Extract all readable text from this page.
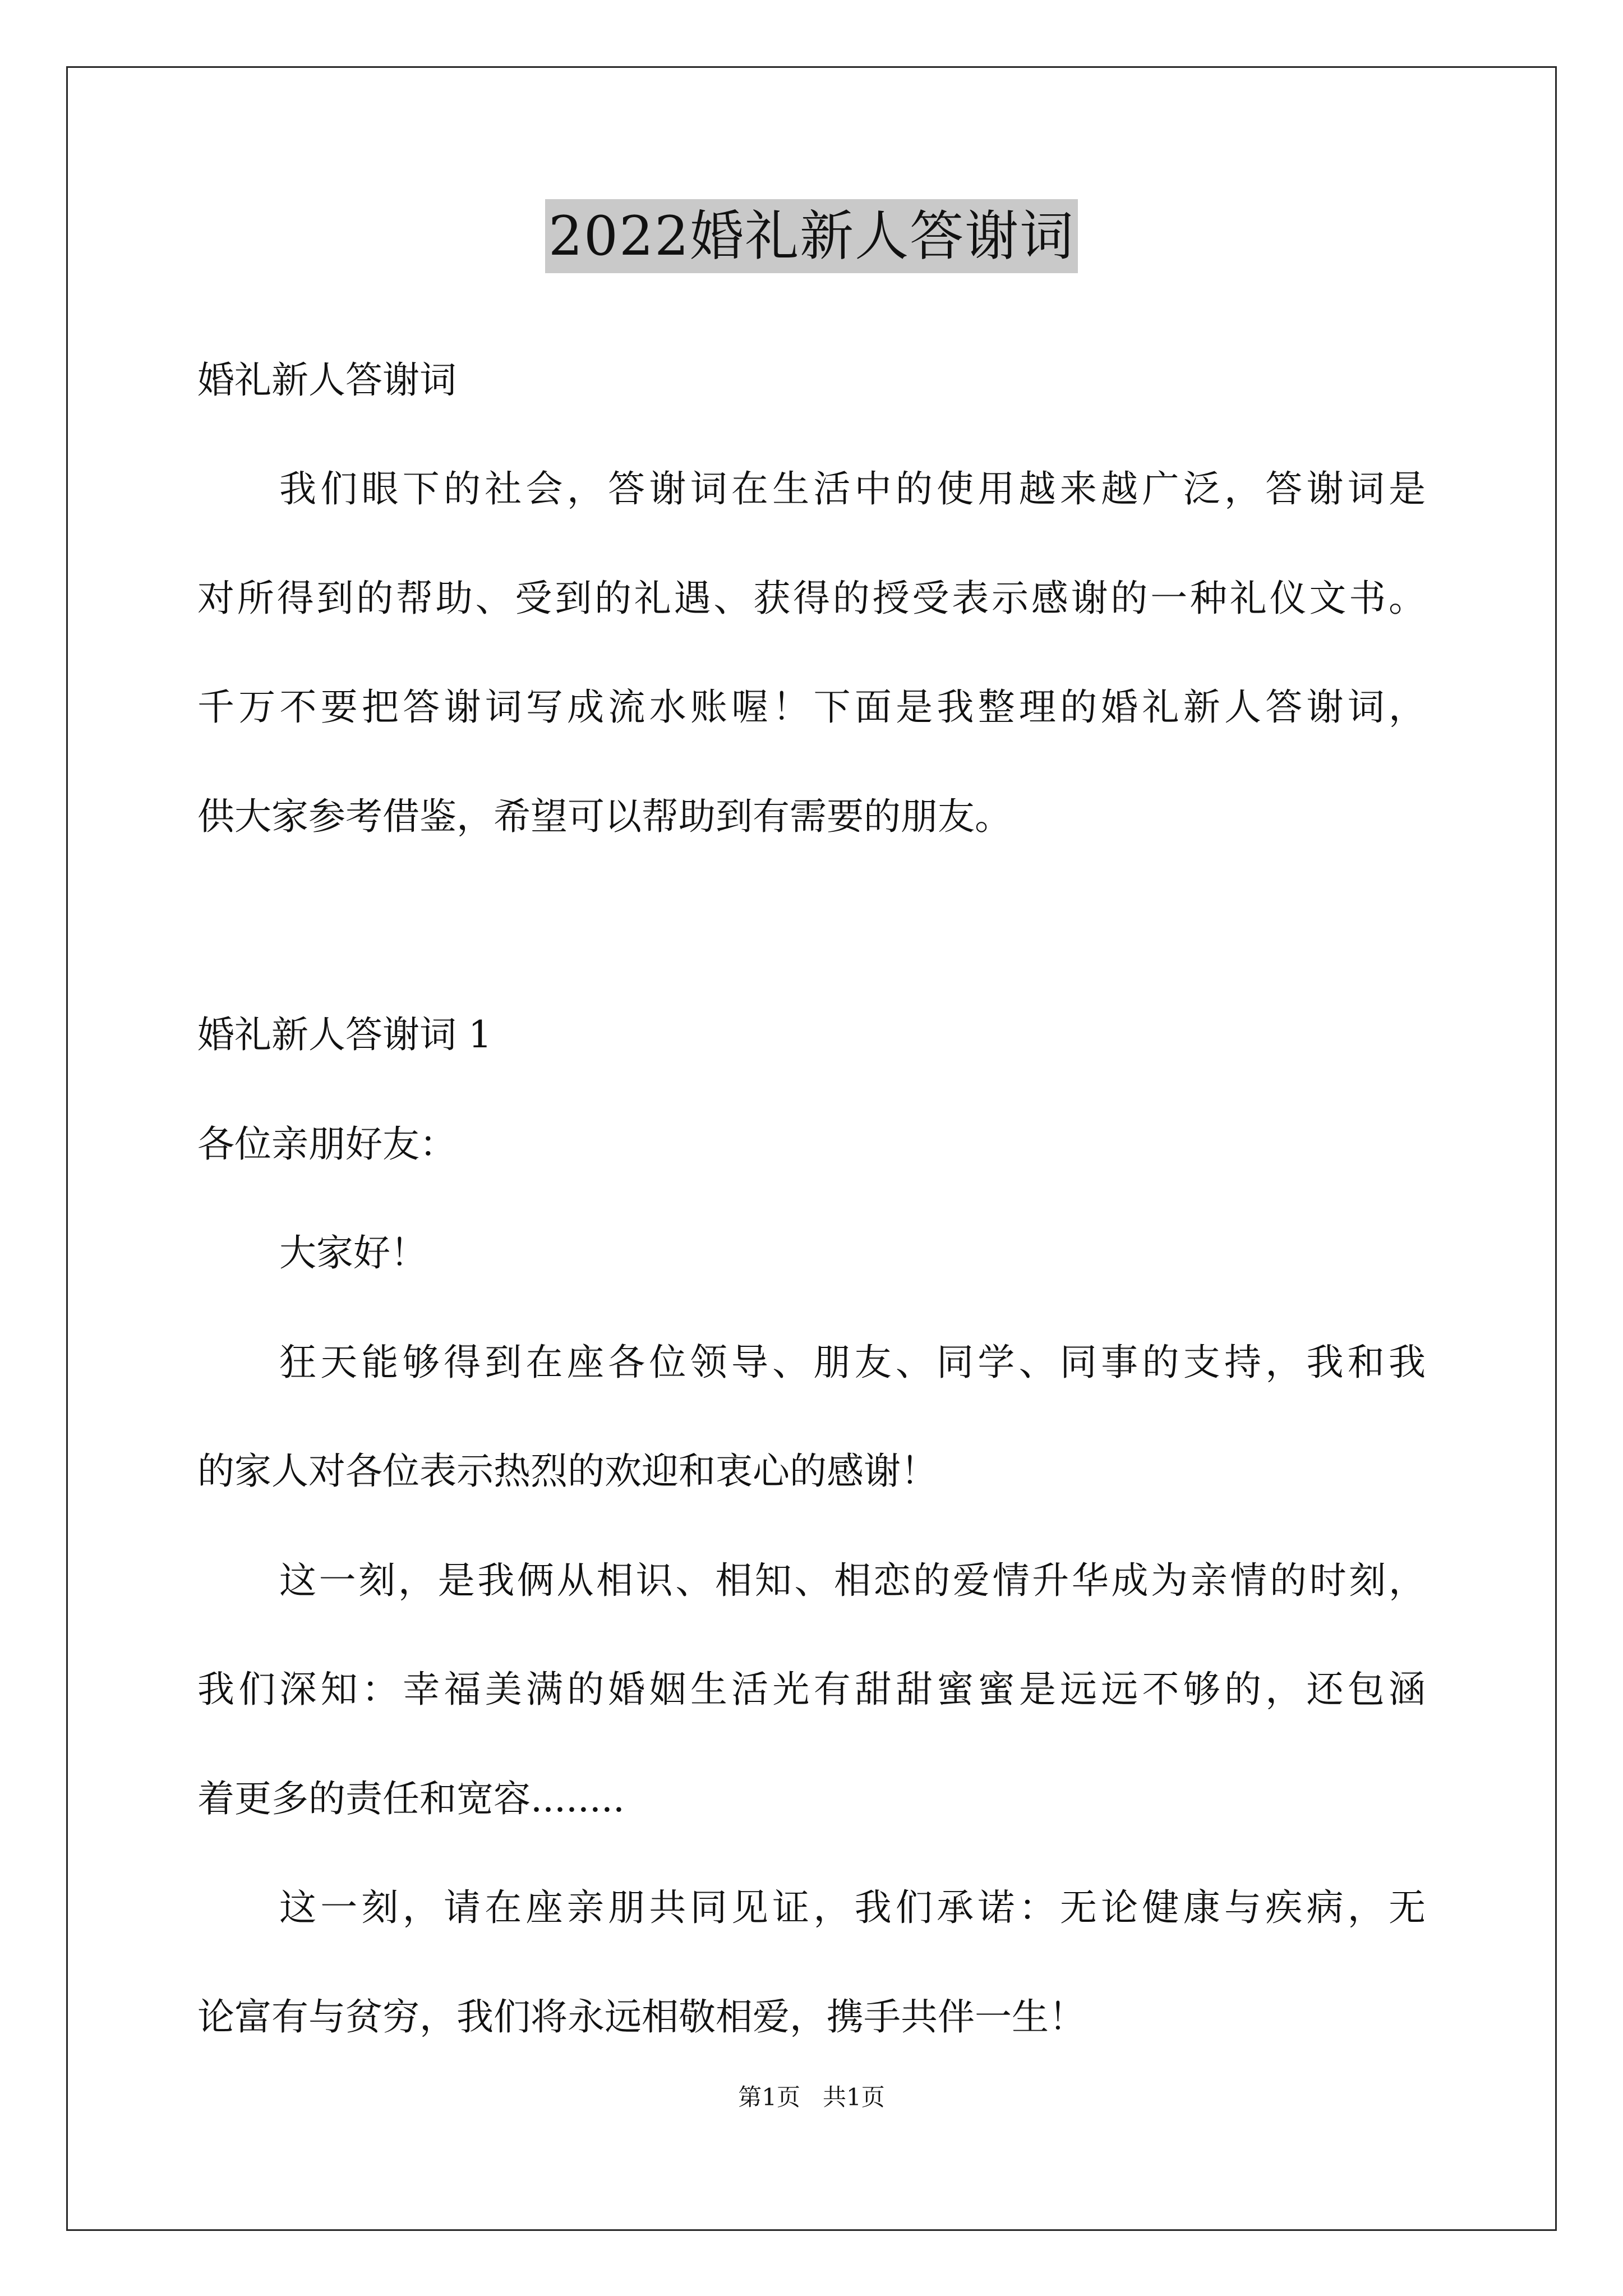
2022婚礼新人答谢词
婚礼新人答谢词
我们眼下的社会，答谢词在生活中的使用越来越广泛，答谢词是
对所得到的帮助、受到的礼遇、获得的授受表示感谢的一种礼仪文书。
千万不要把答谢词写成流水账喔！下面是我整理的婚礼新人答谢词，
供大家参考借鉴，希望可以帮助到有需要的朋友。
婚礼新人答谢词 1
各位亲朋好友：
大家好！
狂天能够得到在座各位领导、朋友、同学、同事的支持，我和我
的家人对各位表示热烈的欢迎和衷心的感谢！
这一刻，是我俩从相识、相知、相恋的爱情升华成为亲情的时刻，
我们深知：幸福美满的婚姻生活光有甜甜蜜蜜是远远不够的，还包涵
着更多的责任和宽容........
这一刻，请在座亲朋共同见证，我们承诺：无论健康与疾病，无
论富有与贫穷，我们将永远相敬相爱，携手共伴一生！
第1页   共1页
